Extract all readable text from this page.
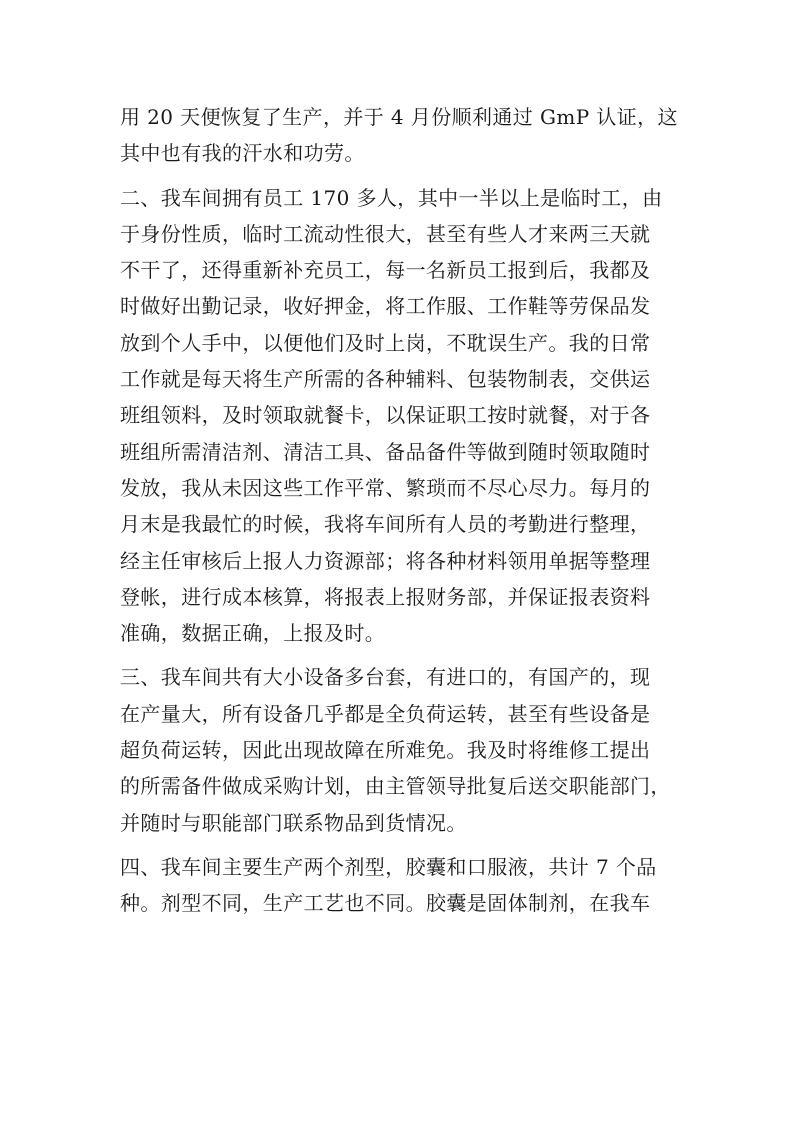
用 20 天便恢复了生产，并于 4 月份顺利通过 GmP 认证，这
其中也有我的汗水和功劳。
二、我车间拥有员工 170 多人，其中一半以上是临时工，由
于身份性质，临时工流动性很大，甚至有些人才来两三天就
不干了，还得重新补充员工，每一名新员工报到后，我都及
时做好出勤记录，收好押金，将工作服、工作鞋等劳保品发
放到个人手中，以便他们及时上岗，不耽误生产。我的日常
工作就是每天将生产所需的各种辅料、包装物制表，交供运
班组领料，及时领取就餐卡，以保证职工按时就餐，对于各
班组所需清洁剂、清洁工具、备品备件等做到随时领取随时
发放，我从未因这些工作平常、繁琐而不尽心尽力。每月的
月末是我最忙的时候，我将车间所有人员的考勤进行整理，
经主任审核后上报人力资源部；将各种材料领用单据等整理
登帐，进行成本核算，将报表上报财务部，并保证报表资料
准确，数据正确，上报及时。
三、我车间共有大小设备多台套，有进口的，有国产的，现
在产量大，所有设备几乎都是全负荷运转，甚至有些设备是
超负荷运转，因此出现故障在所难免。我及时将维修工提出
的所需备件做成采购计划，由主管领导批复后送交职能部门，
并随时与职能部门联系物品到货情况。
四、我车间主要生产两个剂型，胶囊和口服液，共计 7 个品
种。剂型不同，生产工艺也不同。胶囊是固体制剂，在我车
